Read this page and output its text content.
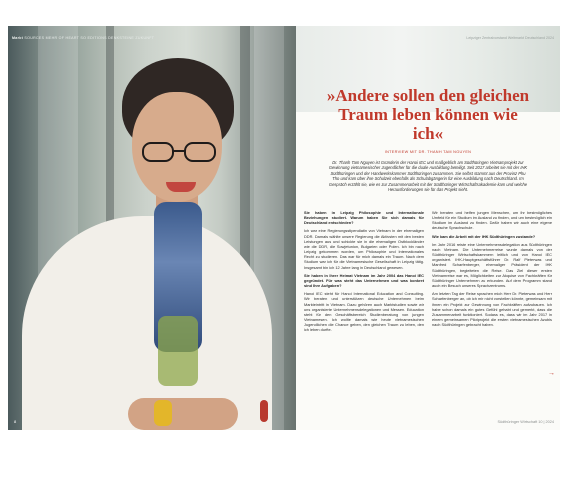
Markt SOURCES MEHR OF HEART SO EDITIONS DENKSTEINE ZUKUNFT
8
Leipziger Zentralvorstand Weltmarkt Deutschland 2024
»Andere sollen den gleichen Traum leben können wie ich«
INTERVIEW MIT DR. THANH TAM NGUYEN

Dr. Thanh Tam Nguyen ist Gründerin der Hanoi IEC und maßgeblich am Südthüringen Vietnamprojekt zur Gewinnung vietnamesischer Jugendlicher für die duale Ausbildung beteiligt. Seit 2017 arbeitet sie mit der IHK Südthüringen und der Handwerkskammer Südthüringen zusammen. Sie selbst stammt aus der Provinz Phu Tho und kam über ihre Schulzeit ebenfalls als Schulabgängerin für eine Ausbildung nach Deutschland. Im Gespräch erzählt sie, wie es zur Zusammenarbeit mit der Südthüringer Wirtschaftsakademie kam und welche Herausforderungen sie für das Projekt sieht.

Sie haben in Leipzig Philosophie und Internationale Beziehungen studiert. Warum haben Sie sich damals für Deutschland entschieden?

Ich war eine Regierungsstipendiatin von Vietnam in der ehemaligen DDR. Damals wählte unsere Regierung die Aktivsten mit den besten Leistungen aus und schickte sie in die ehemaligen Ostblockländer wie die DDR, die Sowjetunion, Bulgarien oder Polen. Ich bin nach Leipzig gekommen worden, um Philosophie und Internationales Recht zu studieren. Das war für mich damals ein Traum. Nach dem Studium war ich für die Vietnamesische Gesellschaft in Leipzig tätig. Insgesamt bin ich 12 Jahre lang in Deutschland gewesen.

Sie haben in Ihrer Heimat Vietnam im Jahr 2004 das Hanoi IEC gegründet. Für was steht das Unternehmen und was konkret sind Ihre Aufgaben?

Hanoi IEC steht für Hanoi International Education and Consulting. Wir beraten und unterstützen deutsche Unternehmen beim Markteintritt in Vietnam. Dazu gehören auch Marktstudien sowie wir uns organisierte Unternehmensdelegationen und Messen. Education steht für den Geschäftsbereich Studienberatung von jungen Vietnamesen. Ich wollte damals wie heute vietnamesischen Jugendlichen die Chance geben, den gleichen Traum zu leben, den ich leben durfte.

Wir beraten und helfen jungen Menschen, um ihr bestmögliches Umfeld für ein Studium im Ausland zu finden, und um bestmöglich ein Studium im Ausland zu finden. Dafür haben wir auch eine eigene deutsche Sprachschule.

Wie kam die Arbeit mit der IHK Südthüringen zustande?

Im Jahr 2016 reiste eine Unternehmensdelegation aus Südthüringen nach Vietnam. Die Unternehmerreise wurde damals von der Südthüringer Wirtschaftskammern leitlich und von Hanoi IEC organisiert. IHK-Hauptgeschäftsführer Dr. Ralf Pieterwas und Manfred Scharfenberger, ehemaliger Präsident der IHK Südthüringen, begleiteten die Reise. Das Ziel dieser ersten Vietnamreise war es, Möglichkeiten zur Akquise von Fachkräften für Südthüringer Unternehmen zu erkunden. Auf dem Programm stand auch ein Besuch unseres Sprachzentrums.

Am letzten Tag der Reise sprachen mich Herr Dr. Pieterwas und Herr Scharfenberger an, ob ich mir nicht vorstellen könnte, gemeinsam mit ihnen ein Projekt zur Gewinnung von Fachkräften aufzubauen. Ich habe schon damals ein gutes Gefühl gehabt und gemerkt, dass die Zusammenarbeit funktioniert. Sodass es, dass wir im Jahr 2017 in einem gemeinsamen Pilotprojekt die ersten vietnamesischen Azubis nach Südthüringen gebracht haben.

→
Südthüringer Wirtschaft 10 | 2024
